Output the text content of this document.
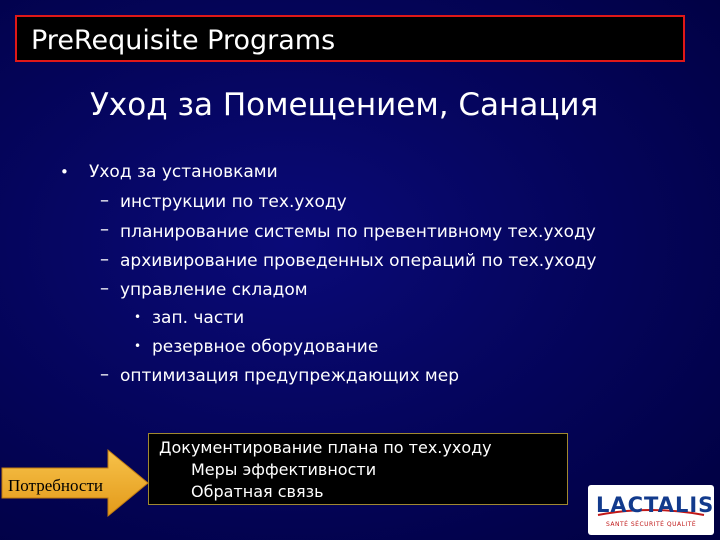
PreRequisite Programs
Уход за Помещением, Санация
• Уход за установками
– инструкции по тех.уходу
– планирование системы по превентивному тех.уходу
– архивирование проведенных операций по тех.уходу
– управление складом
• зап. части
• резервное оборудование
– оптимизация предупреждающих мер
Документирование плана по тех.уходу
Меры эффективности
Обратная связь
Потребности
LACTALIS
SANTÉ SÉCURITÉ QUALITÉ
